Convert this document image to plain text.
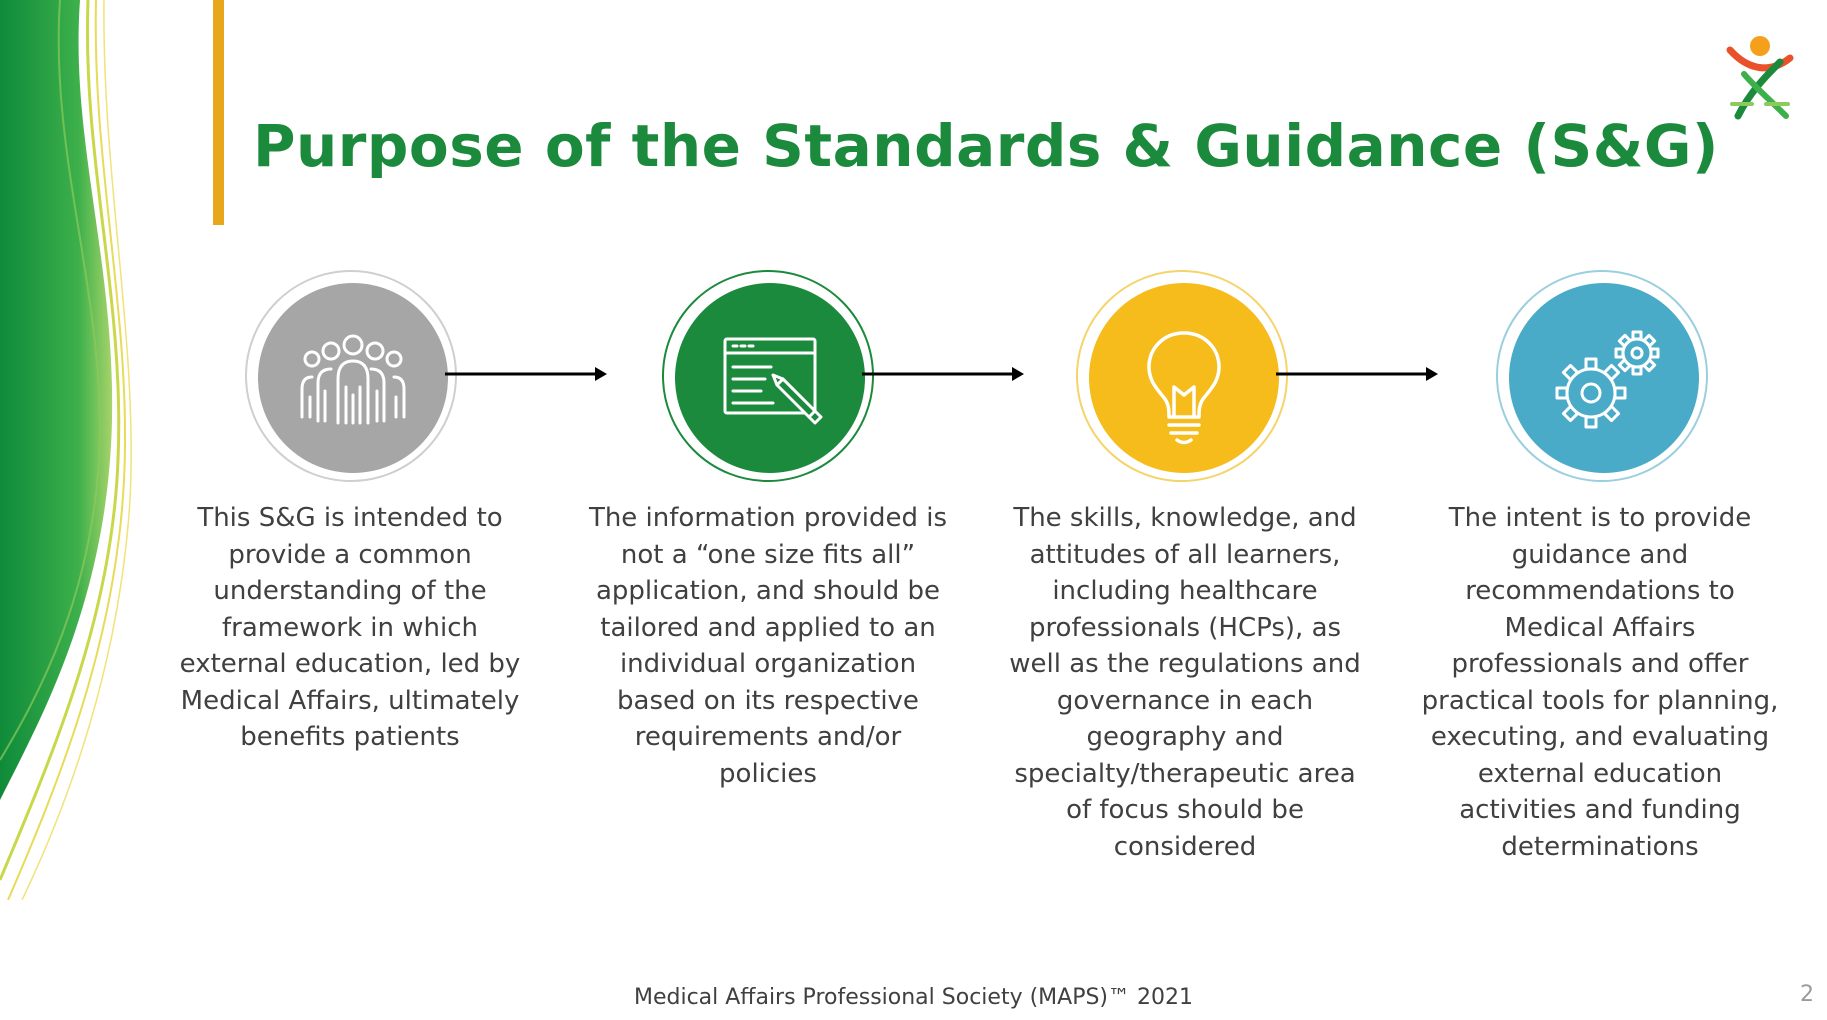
Purpose of the Standards & Guidance (S&G)

This S&G is intended to provide a common understanding of the framework in which external education, led by Medical Affairs, ultimately benefits patients

The information provided is not a “one size fits all” application, and should be tailored and applied to an individual organization based on its respective requirements and/or policies

The skills, knowledge, and attitudes of all learners, including healthcare professionals (HCPs), as well as the regulations and governance in each geography and specialty/therapeutic area of focus should be considered

The intent is to provide guidance and recommendations to Medical Affairs professionals and offer practical tools for planning, executing, and evaluating external education activities and funding determinations

Medical Affairs Professional Society (MAPS)™ 2021	2
